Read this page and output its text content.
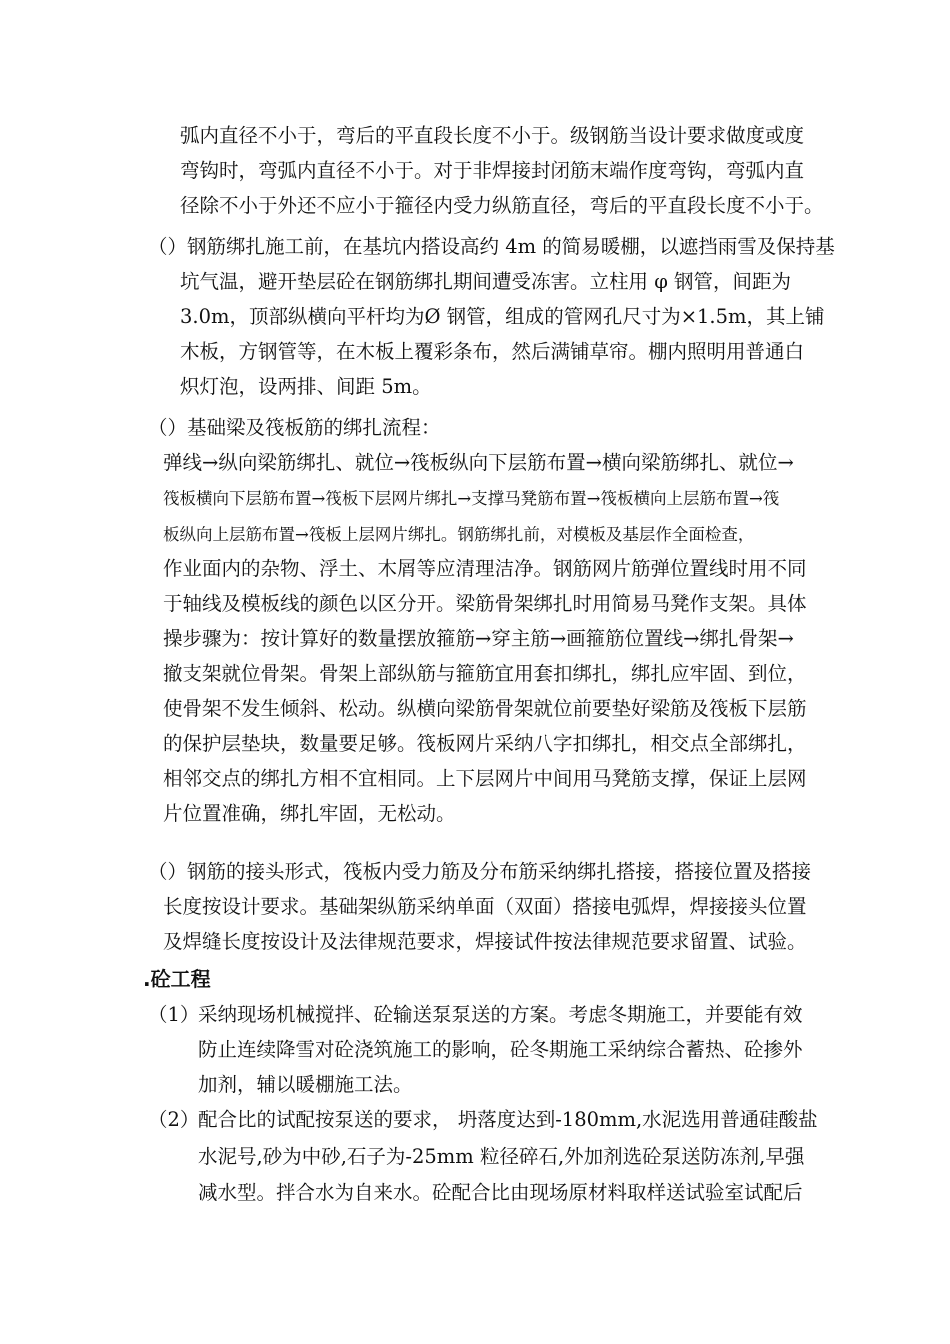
弧内直径不小于，弯后的平直段长度不小于。级钢筋当设计要求做度或度
弯钩时，弯弧内直径不小于。对于非焊接封闭筋末端作度弯钩，弯弧内直
径除不小于外还不应小于箍径内受力纵筋直径，弯后的平直段长度不小于。
（）钢筋绑扎施工前，在基坑内搭设高约 4m 的简易暖棚，以遮挡雨雪及保持基
坑气温，避开垫层砼在钢筋绑扎期间遭受冻害。立柱用 φ 钢管，间距为
3.0m，顶部纵横向平杆均为Ø 钢管，组成的管网孔尺寸为×1.5m，其上铺
木板，方钢管等，在木板上覆彩条布，然后满铺草帘。棚内照明用普通白
炽灯泡，设两排、间距 5m。
（）基础梁及筏板筋的绑扎流程：
弹线→纵向梁筋绑扎、就位→筏板纵向下层筋布置→横向梁筋绑扎、就位→
筏板横向下层筋布置→筏板下层网片绑扎→支撑马凳筋布置→筏板横向上层筋布置→筏
板纵向上层筋布置→筏板上层网片绑扎。钢筋绑扎前，对模板及基层作全面检查，
作业面内的杂物、浮土、木屑等应清理洁净。钢筋网片筋弹位置线时用不同
于轴线及模板线的颜色以区分开。梁筋骨架绑扎时用简易马凳作支架。具体
操步骤为：按计算好的数量摆放箍筋→穿主筋→画箍筋位置线→绑扎骨架→
撤支架就位骨架。骨架上部纵筋与箍筋宜用套扣绑扎，绑扎应牢固、到位，
使骨架不发生倾斜、松动。纵横向梁筋骨架就位前要垫好梁筋及筏板下层筋
的保护层垫块，数量要足够。筏板网片采纳八字扣绑扎，相交点全部绑扎，
相邻交点的绑扎方相不宜相同。上下层网片中间用马凳筋支撑，保证上层网
片位置准确，绑扎牢固，无松动。
（）钢筋的接头形式，筏板内受力筋及分布筋采纳绑扎搭接，搭接位置及搭接
长度按设计要求。基础架纵筋采纳单面（双面）搭接电弧焊，焊接接头位置
及焊缝长度按设计及法律规范要求，焊接试件按法律规范要求留置、试验。
.砼工程
（1）
采纳现场机械搅拌、砼输送泵泵送的方案。考虑冬期施工，并要能有效
防止连续降雪对砼浇筑施工的影响，砼冬期施工采纳综合蓄热、砼掺外
加剂，辅以暖棚施工法。
（2）
配合比的试配按泵送的要求， 坍落度达到-180mm,水泥选用普通硅酸盐
水泥号,砂为中砂,石子为-25mm 粒径碎石,外加剂选砼泵送防冻剂,早强
减水型。拌合水为自来水。砼配合比由现场原材料取样送试验室试配后
